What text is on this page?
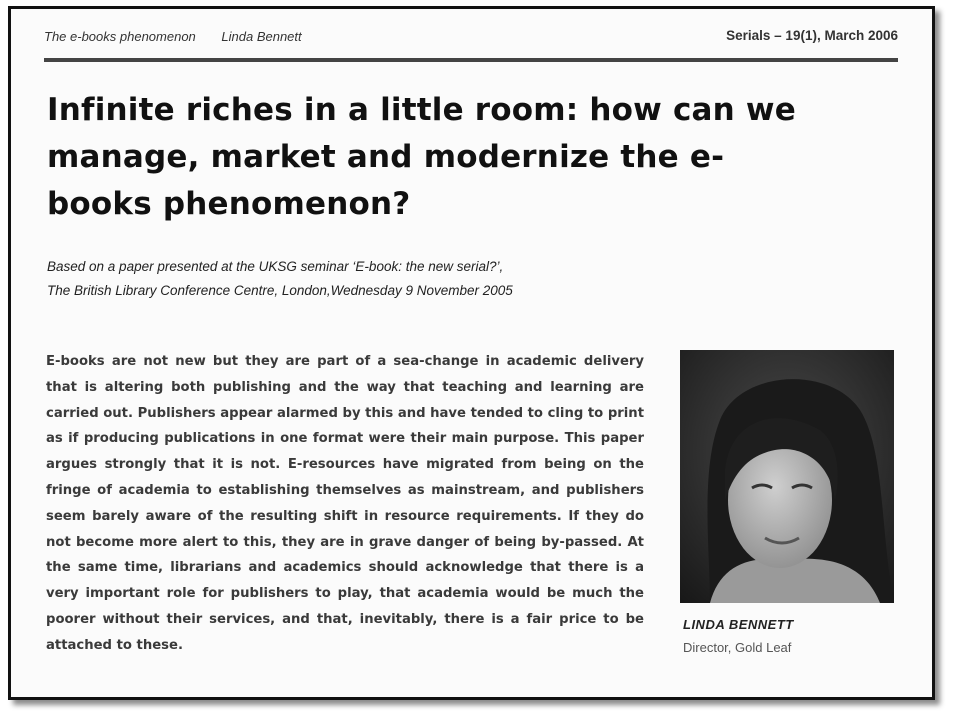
The e-books phenomenon Linda Bennett	Serials – 19(1), March 2006
Infinite riches in a little room: how can we manage, market and modernize the e-books phenomenon?
Based on a paper presented at the UKSG seminar ‘E-book: the new serial?’,
The British Library Conference Centre, London,Wednesday 9 November 2005
E-books are not new but they are part of a sea-change in academic delivery that is altering both publishing and the way that teaching and learning are carried out. Publishers appear alarmed by this and have tended to cling to print as if producing publications in one format were their main purpose. This paper argues strongly that it is not. E-resources have migrated from being on the fringe of academia to establishing themselves as mainstream, and publishers seem barely aware of the resulting shift in resource requirements. If they do not become more alert to this, they are in grave danger of being by-passed. At the same time, librarians and academics should acknowledge that there is a very important role for publishers to play, that academia would be much the poorer without their services, and that, inevitably, there is a fair price to be attached to these.
LINDA BENNETT
Director, Gold Leaf
